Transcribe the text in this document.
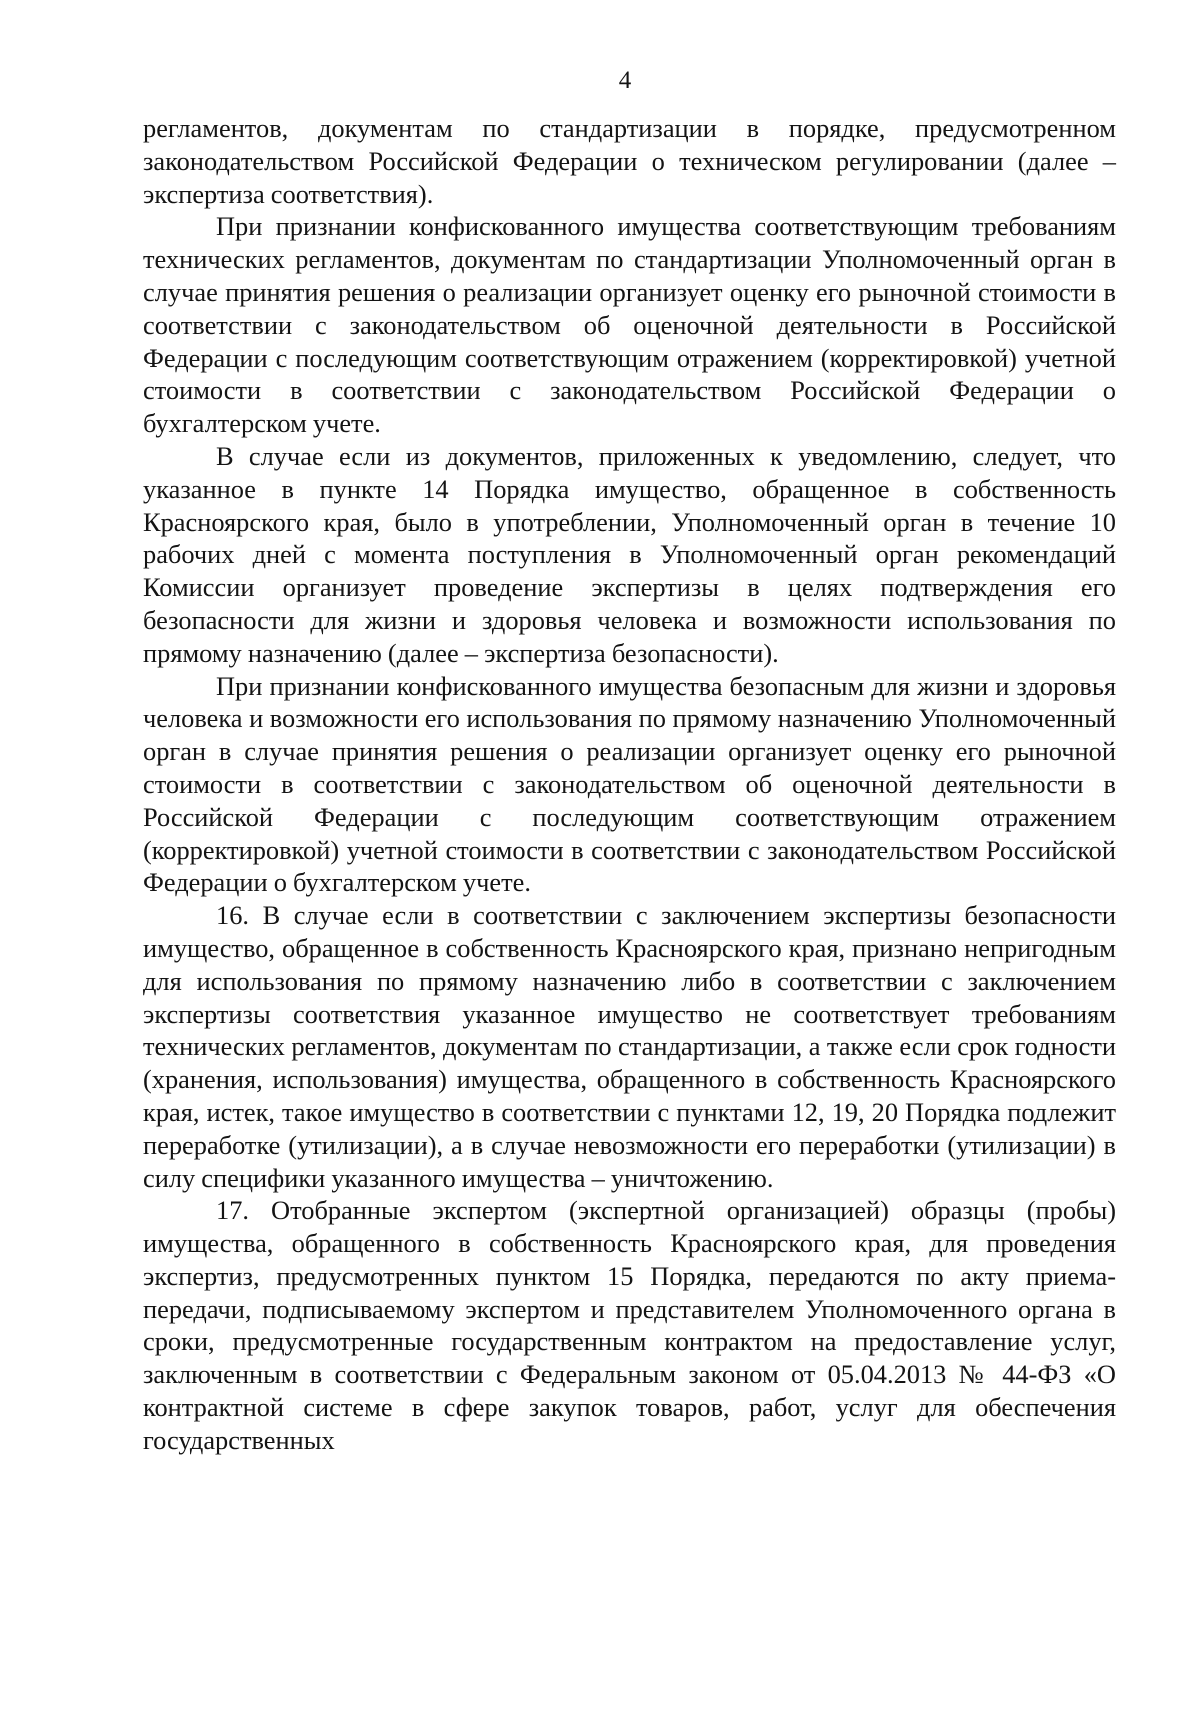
4

регламентов, документам по стандартизации в порядке, предусмотренном законодательством Российской Федерации о техническом регулировании (далее – экспертиза соответствия).

При признании конфискованного имущества соответствующим требованиям технических регламентов, документам по стандартизации Уполномоченный орган в случае принятия решения о реализации организует оценку его рыночной стоимости в соответствии с законодательством об оценочной деятельности в Российской Федерации с последующим соответствующим отражением (корректировкой) учетной стоимости в соответствии с законодательством Российской Федерации о бухгалтерском учете.

В случае если из документов, приложенных к уведомлению, следует, что указанное в пункте 14 Порядка имущество, обращенное в собственность Красноярского края, было в употреблении, Уполномоченный орган в течение 10 рабочих дней с момента поступления в Уполномоченный орган рекомендаций Комиссии организует проведение экспертизы в целях подтверждения его безопасности для жизни и здоровья человека и возможности использования по прямому назначению (далее – экспертиза безопасности).

При признании конфискованного имущества безопасным для жизни и здоровья человека и возможности его использования по прямому назначению Уполномоченный орган в случае принятия решения о реализации организует оценку его рыночной стоимости в соответствии с законодательством об оценочной деятельности в Российской Федерации с последующим соответствующим отражением (корректировкой) учетной стоимости в соответствии с законодательством Российской Федерации о бухгалтерском учете.

16. В случае если в соответствии с заключением экспертизы безопасности имущество, обращенное в собственность Красноярского края, признано непригодным для использования по прямому назначению либо в соответствии с заключением экспертизы соответствия указанное имущество не соответствует требованиям технических регламентов, документам по стандартизации, а также если срок годности (хранения, использования) имущества, обращенного в собственность Красноярского края, истек, такое имущество в соответствии с пунктами 12, 19, 20 Порядка подлежит переработке (утилизации), а в случае невозможности его переработки (утилизации) в силу специфики указанного имущества – уничтожению.

17. Отобранные экспертом (экспертной организацией) образцы (пробы) имущества, обращенного в собственность Красноярского края, для проведения экспертиз, предусмотренных пунктом 15 Порядка, передаются по акту приема-передачи, подписываемому экспертом и представителем Уполномоченного органа в сроки, предусмотренные государственным контрактом на предоставление услуг, заключенным в соответствии с Федеральным законом от 05.04.2013 № 44-ФЗ «О контрактной системе в сфере закупок товаров, работ, услуг для обеспечения государственных
